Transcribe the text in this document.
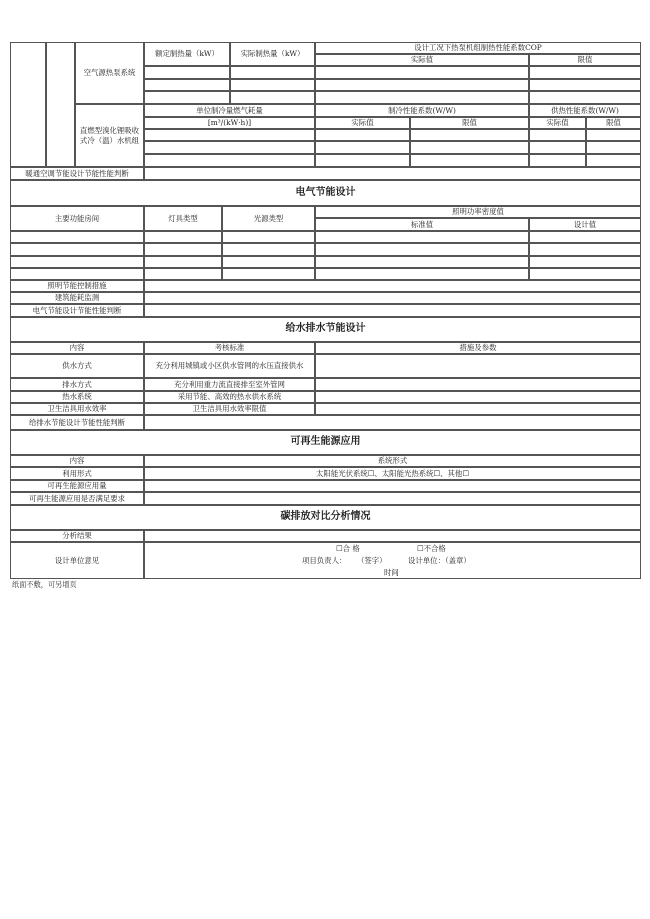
空气源热泵系统
额定制热量（kW）	实际制热量（kW）
设计工况下热泵机组制热性能系数COP
实际值	限值
直燃型溴化锂吸收式冷（温）水机组
单位制冷量燃气耗量	制冷性能系数(W/W)	供热性能系数(W/W)
[m³/(kW·h)]	实际值	限值	实际值	限值
暖通空调节能设计节能性能判断
电气节能设计
主要功能房间	灯具类型	光源类型
照明功率密度值
标准值	设计值
照明节能控制措施
建筑能耗监测
电气节能设计节能性能判断
给水排水节能设计
内容	考核标准	措施及参数
供水方式	充分利用城镇或小区供水管网的水压直接供水
排水方式	充分利用重力流直接排至室外管网
热水系统	采用节能、高效的热水供水系统
卫生洁具用水效率	卫生洁具用水效率限值
给排水节能设计节能性能判断
可再生能源应用
内容	系统形式
利用形式	太阳能光伏系统☐、太阳能光热系统☐、其他☐
可再生能源应用量
可再生能源应用是否满足要求
碳排放对比分析情况
分析结果
设计单位意见
☐合 格	☐不合格
项目负责人： （签字）	设计单位：（盖章）
时间
纸面不敷，可另增页
